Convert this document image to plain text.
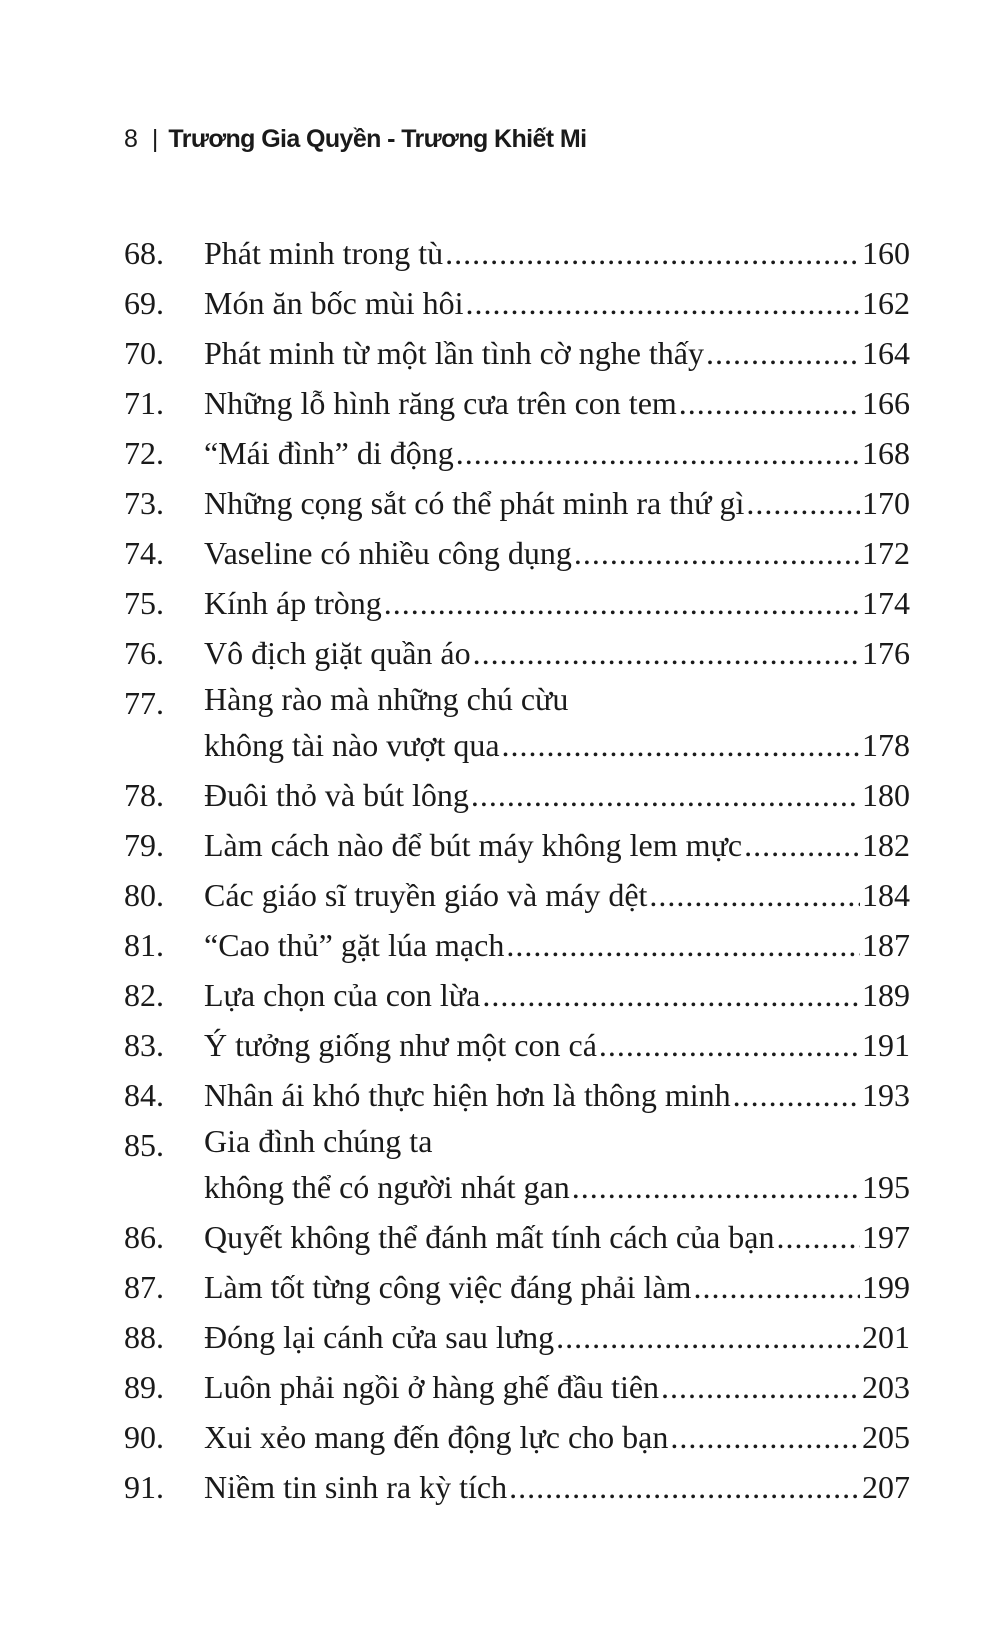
8 | Trương Gia Quyền - Trương Khiết Mi
68.	Phát minh trong tù .....	160
69.	Món ăn bốc mùi hôi .....	162
70.	Phát minh từ một lần tình cờ nghe thấy .....	164
71.	Những lỗ hình răng cưa trên con tem .....	166
72.	“Mái đình” di động .....	168
73.	Những cọng sắt có thể phát minh ra thứ gì .....	170
74.	Vaseline có nhiều công dụng .....	172
75.	Kính áp tròng .....	174
76.	Vô địch giặt quần áo .....	176
77.	Hàng rào mà những chú cừu
không tài nào vượt qua .....	178
78.	Đuôi thỏ và bút lông .....	180
79.	Làm cách nào để bút máy không lem mực .....	182
80.	Các giáo sĩ truyền giáo và máy dệt .....	184
81.	“Cao thủ” gặt lúa mạch .....	187
82.	Lựa chọn của con lừa .....	189
83.	Ý tưởng giống như một con cá .....	191
84.	Nhân ái khó thực hiện hơn là thông minh .....	193
85.	Gia đình chúng ta
không thể có người nhát gan .....	195
86.	Quyết không thể đánh mất tính cách của bạn .....	197
87.	Làm tốt từng công việc đáng phải làm .....	199
88.	Đóng lại cánh cửa sau lưng .....	201
89.	Luôn phải ngồi ở hàng ghế đầu tiên .....	203
90.	Xui xẻo mang đến động lực cho bạn .....	205
91.	Niềm tin sinh ra kỳ tích .....	207
